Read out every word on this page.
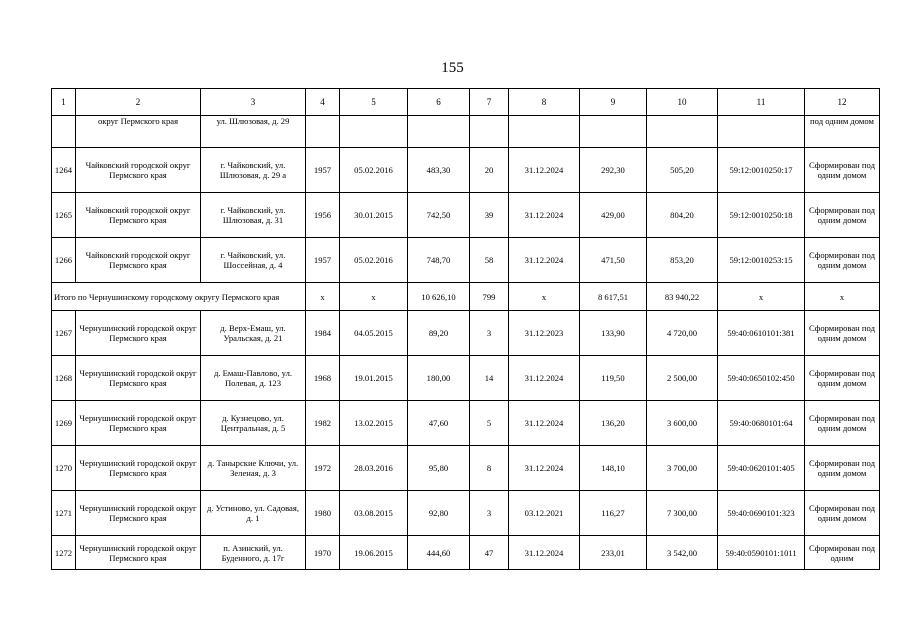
155
1	2	3	4	5	6	7	8	9	10	11	12
	округ Пермского края	ул. Шлюзовая, д. 29									под одним домом
1264	Чайковский городской округ Пермского края	г. Чайковский, ул. Шлюзовая, д. 29 а	1957	05.02.2016	483,30	20	31.12.2024	292,30	505,20	59:12:0010250:17	Сформирован под одним домом
1265	Чайковский городской округ Пермского края	г. Чайковский, ул. Шлюзовая, д. 31	1956	30.01.2015	742,50	39	31.12.2024	429,00	804,20	59:12:0010250:18	Сформирован под одним домом
1266	Чайковский городской округ Пермского края	г. Чайковский, ул. Шоссейная, д. 4	1957	05.02.2016	748,70	58	31.12.2024	471,50	853,20	59:12:0010253:15	Сформирован под одним домом
Итого по Чернушинскому городскому округу Пермского края			x	x	10 626,10	799	x	8 617,51	83 940,22	x	x
1267	Чернушинский городской округ Пермского края	д. Верх-Емаш, ул. Уральская, д. 21	1984	04.05.2015	89,20	3	31.12.2023	133,90	4 720,00	59:40:0610101:381	Сформирован под одним домом
1268	Чернушинский городской округ Пермского края	д. Емаш-Павлово, ул. Полевая, д. 123	1968	19.01.2015	180,00	14	31.12.2024	119,50	2 500,00	59:40:0650102:450	Сформирован под одним домом
1269	Чернушинский городской округ Пермского края	д. Кузнецово, ул. Центральная, д. 5	1982	13.02.2015	47,60	5	31.12.2024	136,20	3 600,00	59:40:0680101:64	Сформирован под одним домом
1270	Чернушинский городской округ Пермского края	д. Танырские Ключи, ул. Зеленая, д. 3	1972	28.03.2016	95,80	8	31.12.2024	148,10	3 700,00	59:40:0620101:405	Сформирован под одним домом
1271	Чернушинский городской округ Пермского края	д. Устиново, ул. Садовая, д. 1	1980	03.08.2015	92,80	3	03.12.2021	116,27	7 300,00	59:40:0690101:323	Сформирован под одним домом
1272	Чернушинский городской округ Пермского края	п. Азинский, ул. Буденного, д. 17г	1970	19.06.2015	444,60	47	31.12.2024	233,01	3 542,00	59:40:0590101:1011	Сформирован под одним
